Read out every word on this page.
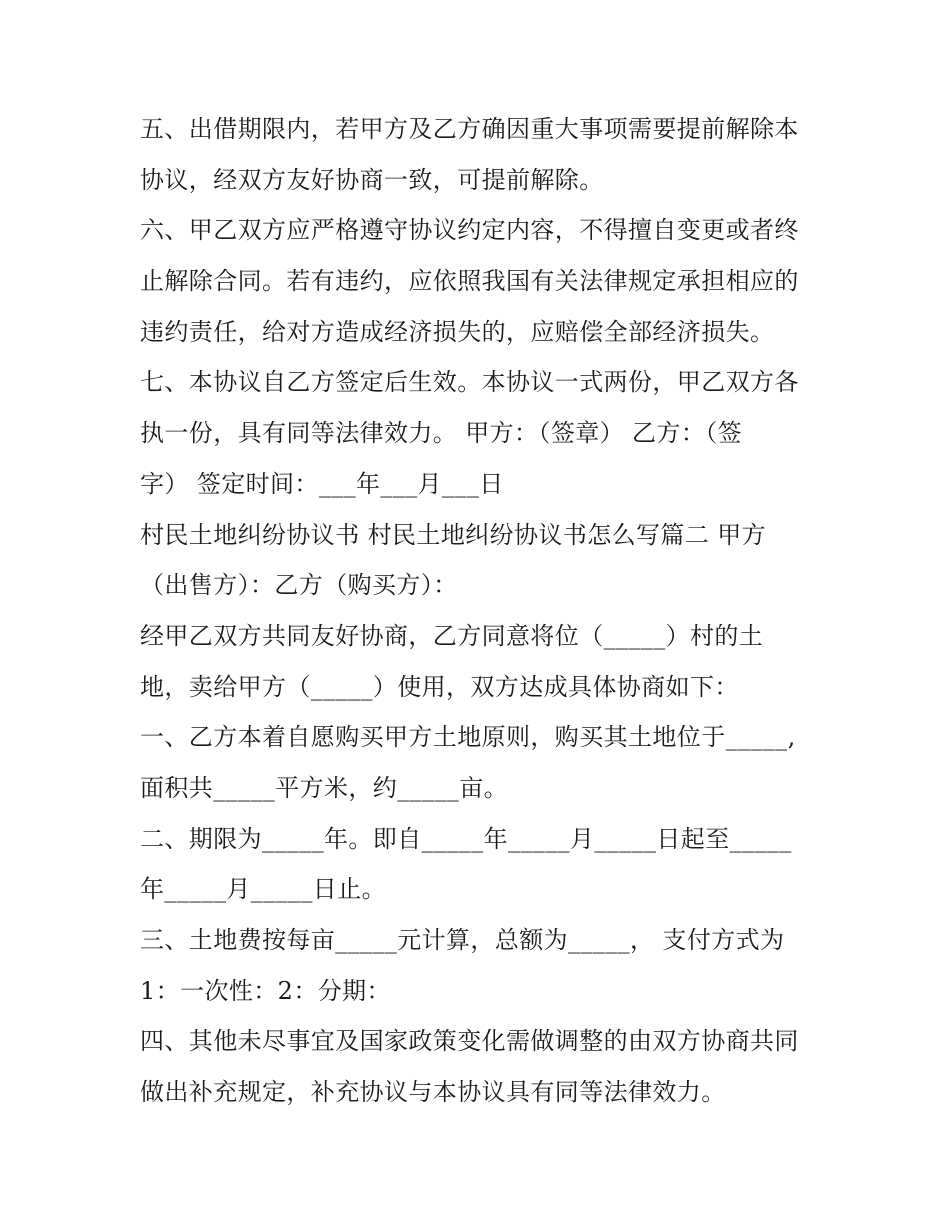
五、出借期限内，若甲方及乙方确因重大事项需要提前解除本
协议，经双方友好协商一致，可提前解除。
六、甲乙双方应严格遵守协议约定内容，不得擅自变更或者终
止解除合同。若有违约，应依照我国有关法律规定承担相应的
违约责任，给对方造成经济损失的，应赔偿全部经济损失。
七、本协议自乙方签定后生效。本协议一式两份，甲乙双方各
执一份，具有同等法律效力。 甲方：（签章） 乙方：（签
字） 签定时间：___年___月___日
村民土地纠纷协议书 村民土地纠纷协议书怎么写篇二 甲方
（出售方）：乙方（购买方）：
经甲乙双方共同友好协商，乙方同意将位（_____）村的土
地，卖给甲方（_____）使用，双方达成具体协商如下：
一、乙方本着自愿购买甲方土地原则，购买其土地位于_____,
面积共_____平方米，约_____亩。
二、期限为_____年。即自_____年_____月_____日起至_____
年_____月_____日止。
三、土地费按每亩_____元计算，总额为_____， 支付方式为
1：一次性：2：分期：
四、其他未尽事宜及国家政策变化需做调整的由双方协商共同
做出补充规定，补充协议与本协议具有同等法律效力。
